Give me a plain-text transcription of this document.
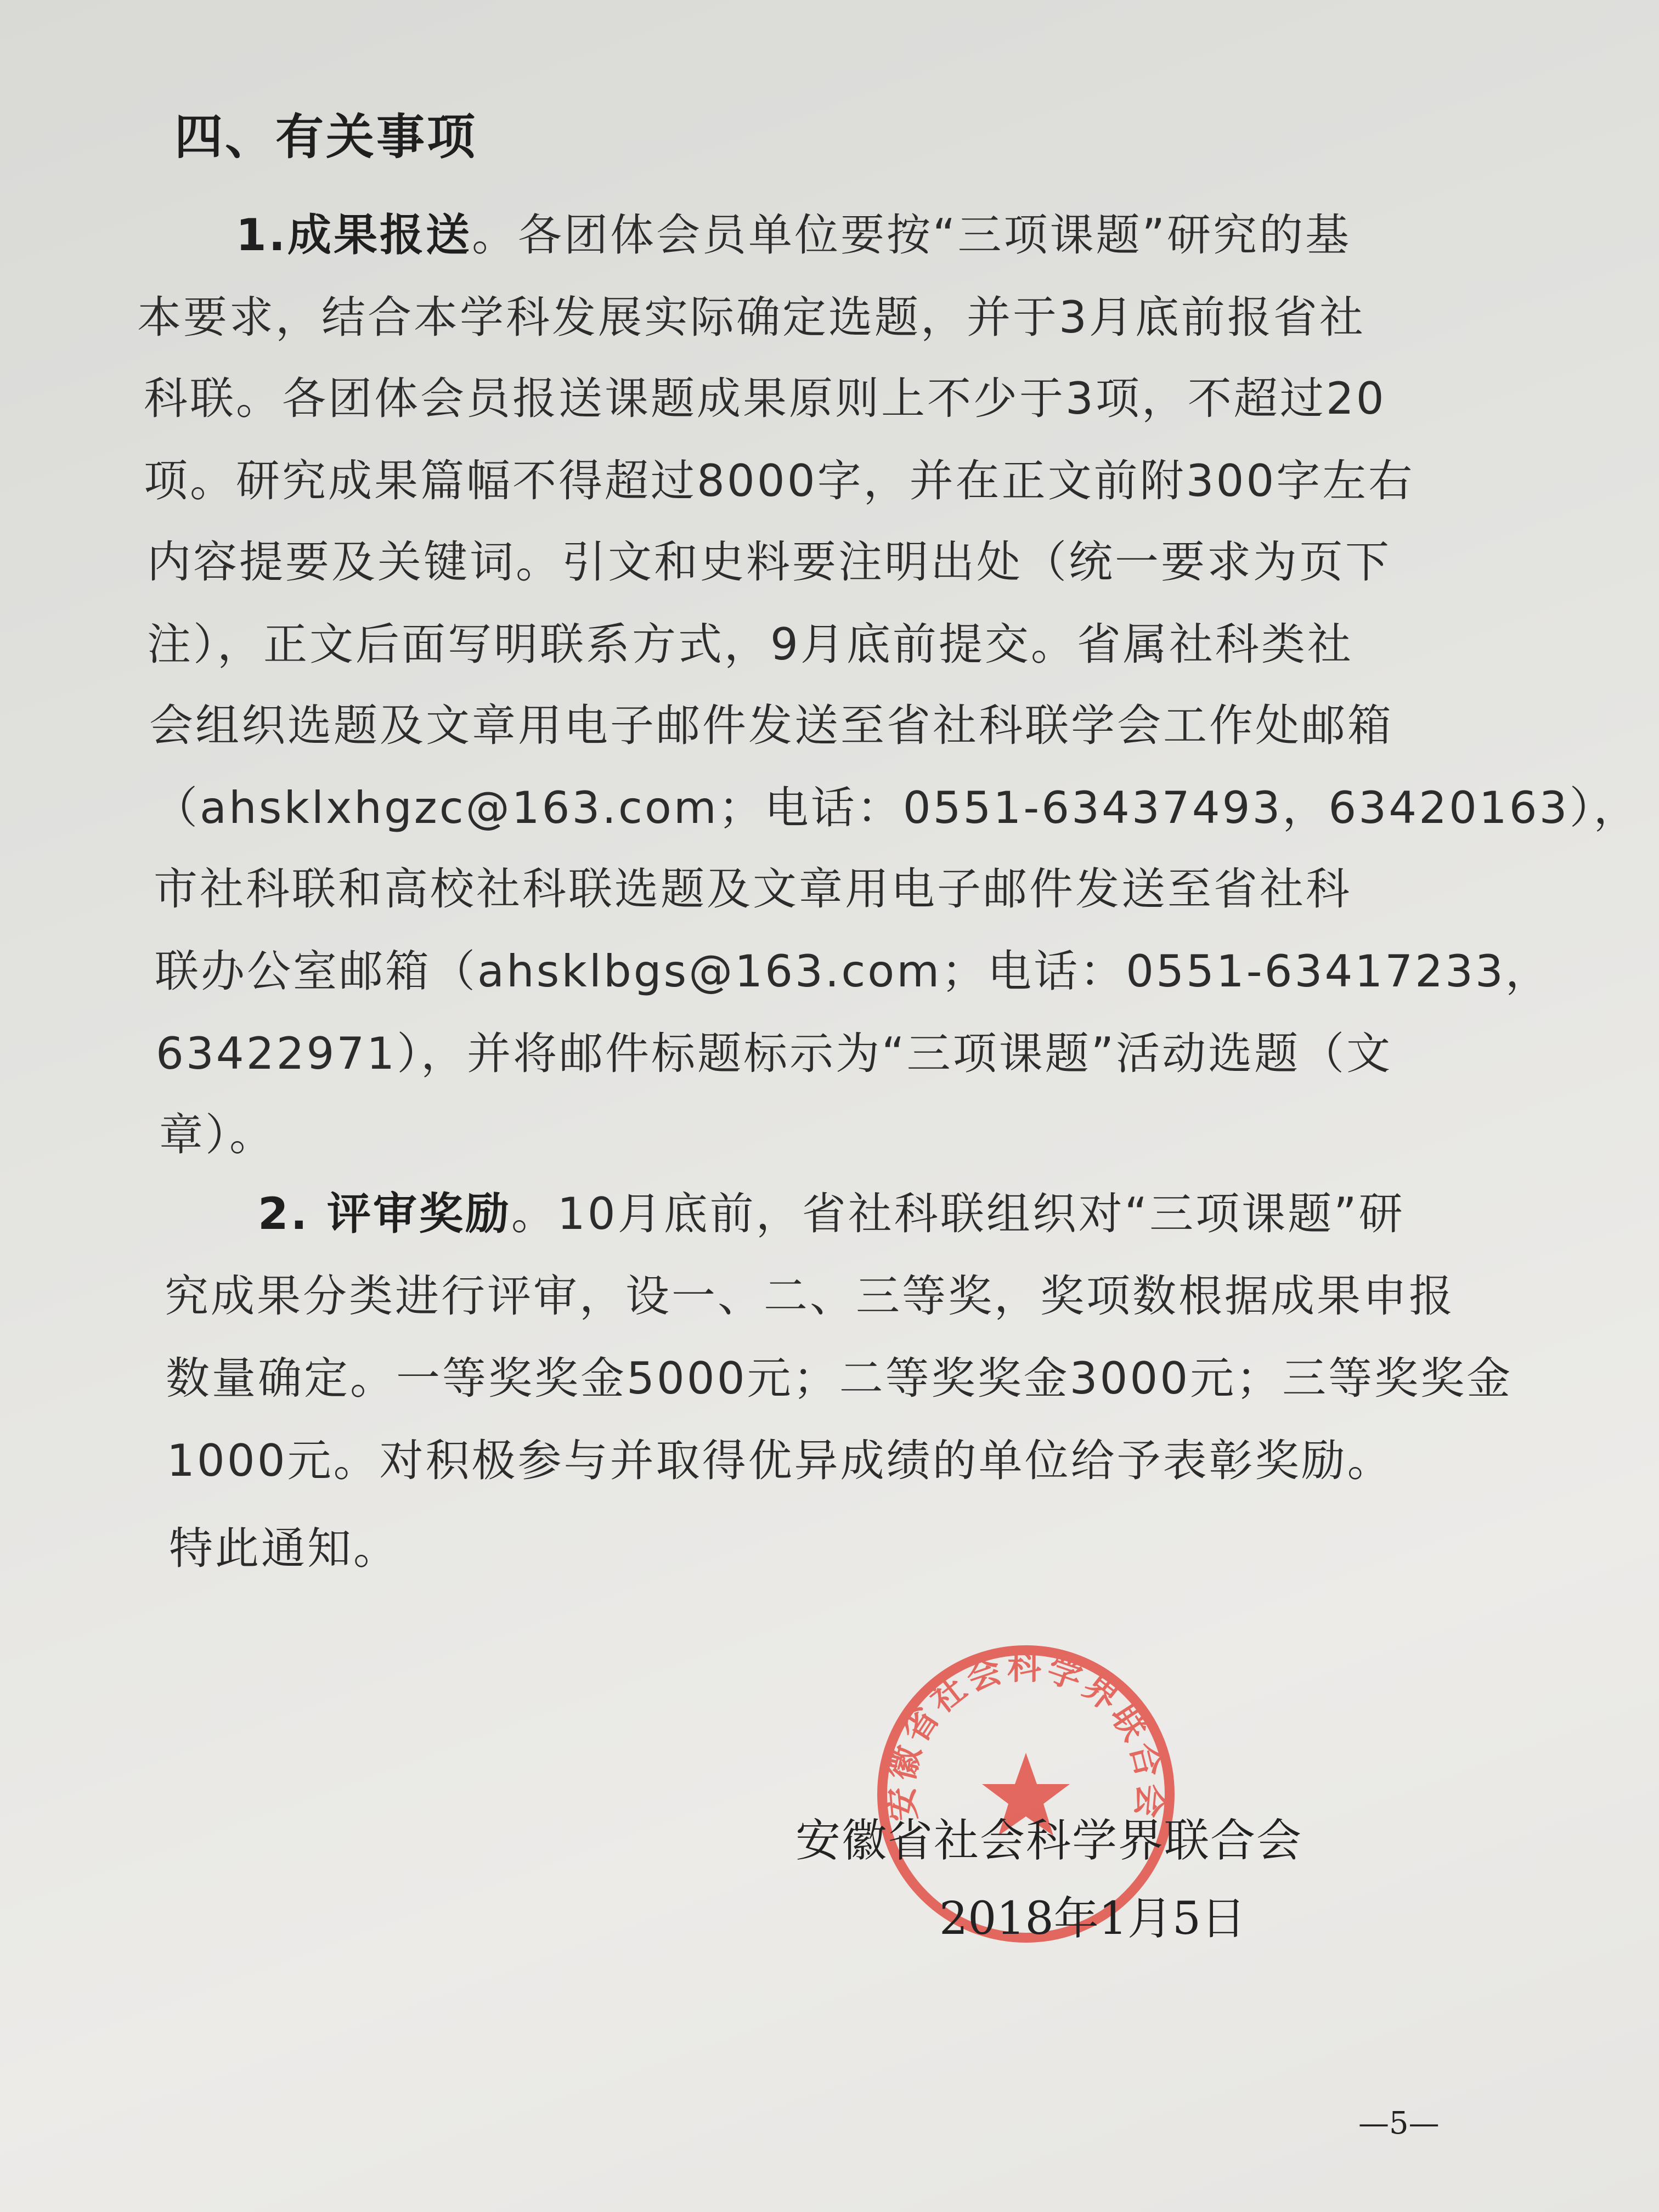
四、有关事项
1.成果报送。各团体会员单位要按“三项课题”研究的基
本要求，结合本学科发展实际确定选题，并于3月底前报省社
科联。各团体会员报送课题成果原则上不少于3项，不超过20
项。研究成果篇幅不得超过8000字，并在正文前附300字左右
内容提要及关键词。引文和史料要注明出处（统一要求为页下
注），正文后面写明联系方式，9月底前提交。省属社科类社
会组织选题及文章用电子邮件发送至省社科联学会工作处邮箱
（ahsklxhgzc@163.com；电话：0551-63437493，63420163），
市社科联和高校社科联选题及文章用电子邮件发送至省社科
联办公室邮箱（ahsklbgs@163.com；电话：0551-63417233，
63422971），并将邮件标题标示为“三项课题”活动选题（文
章）。
2. 评审奖励。10月底前，省社科联组织对“三项课题”研
究成果分类进行评审，设一、二、三等奖，奖项数根据成果申报
数量确定。一等奖奖金5000元；二等奖奖金3000元；三等奖奖金
1000元。对积极参与并取得优异成绩的单位给予表彰奖励。
特此通知。
安徽省社会科学界联合会
安徽省社会科学界联合会
2018年1月5日
—5—
